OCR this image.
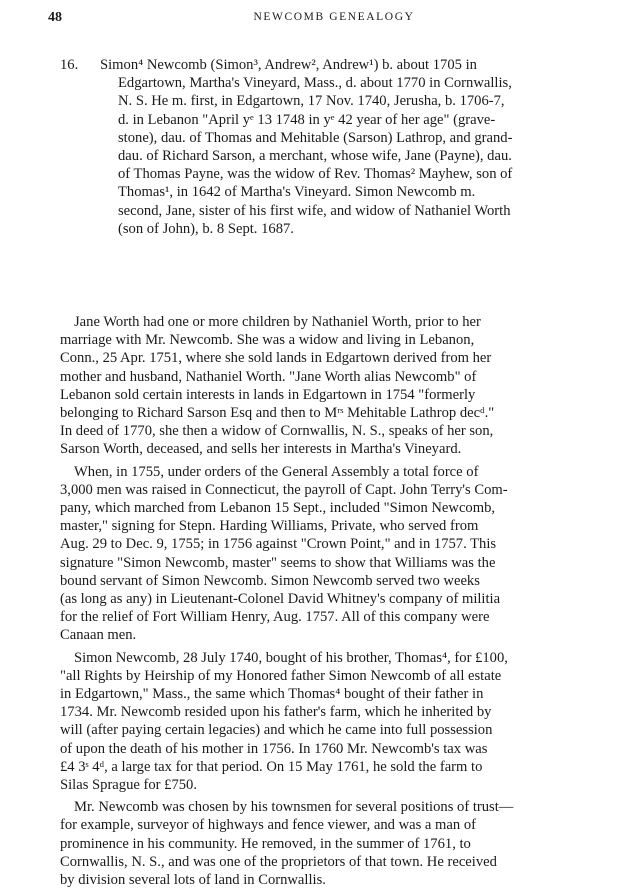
48	NEWCOMB GENEALOGY
16.	Simon⁴ Newcomb (Simon³, Andrew², Andrew¹) b. about 1705 in
Edgartown, Martha's Vineyard, Mass., d. about 1770 in Cornwallis,
N. S. He m. first, in Edgartown, 17 Nov. 1740, Jerusha, b. 1706-7,
d. in Lebanon "April yᵉ 13 1748 in yᵉ 42 year of her age" (grave-
stone), dau. of Thomas and Mehitable (Sarson) Lathrop, and grand-
dau. of Richard Sarson, a merchant, whose wife, Jane (Payne), dau.
of Thomas Payne, was the widow of Rev. Thomas² Mayhew, son of
Thomas¹, in 1642 of Martha's Vineyard. Simon Newcomb m.
second, Jane, sister of his first wife, and widow of Nathaniel Worth
(son of John), b. 8 Sept. 1687.
Jane Worth had one or more children by Nathaniel Worth, prior to her
marriage with Mr. Newcomb. She was a widow and living in Lebanon,
Conn., 25 Apr. 1751, where she sold lands in Edgartown derived from her
mother and husband, Nathaniel Worth. "Jane Worth alias Newcomb" of
Lebanon sold certain interests in lands in Edgartown in 1754 "formerly
belonging to Richard Sarson Esq and then to Mʳˢ Mehitable Lathrop decᵈ."
In deed of 1770, she then a widow of Cornwallis, N. S., speaks of her son,
Sarson Worth, deceased, and sells her interests in Martha's Vineyard.
When, in 1755, under orders of the General Assembly a total force of
3,000 men was raised in Connecticut, the payroll of Capt. John Terry's Com-
pany, which marched from Lebanon 15 Sept., included "Simon Newcomb,
master," signing for Stepn. Harding Williams, Private, who served from
Aug. 29 to Dec. 9, 1755; in 1756 against "Crown Point," and in 1757. This
signature "Simon Newcomb, master" seems to show that Williams was the
bound servant of Simon Newcomb. Simon Newcomb served two weeks
(as long as any) in Lieutenant-Colonel David Whitney's company of militia
for the relief of Fort William Henry, Aug. 1757. All of this company were
Canaan men.
Simon Newcomb, 28 July 1740, bought of his brother, Thomas⁴, for £100,
"all Rights by Heirship of my Honored father Simon Newcomb of all estate
in Edgartown," Mass., the same which Thomas⁴ bought of their father in
1734. Mr. Newcomb resided upon his father's farm, which he inherited by
will (after paying certain legacies) and which he came into full possession
of upon the death of his mother in 1756. In 1760 Mr. Newcomb's tax was
£4 3ˢ 4ᵈ, a large tax for that period. On 15 May 1761, he sold the farm to
Silas Sprague for £750.
Mr. Newcomb was chosen by his townsmen for several positions of trust—
for example, surveyor of highways and fence viewer, and was a man of
prominence in his community. He removed, in the summer of 1761, to
Cornwallis, N. S., and was one of the proprietors of that town. He received
by division several lots of land in Cornwallis.
